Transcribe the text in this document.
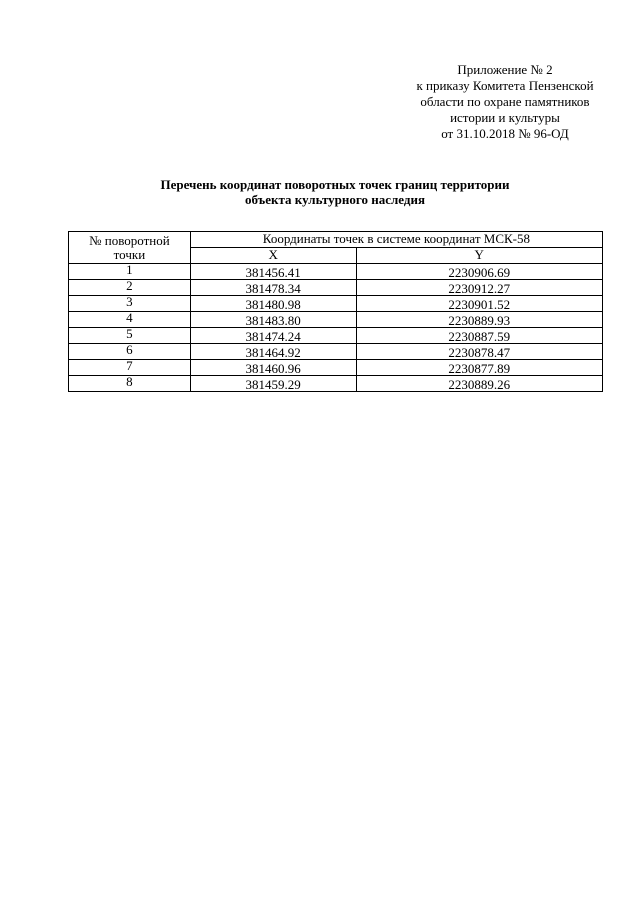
Приложение № 2
к приказу Комитета Пензенской
области по охране памятников
истории и культуры
от 31.10.2018 № 96-ОД
Перечень координат поворотных точек границ территории
объекта культурного наследия
№ поворотной
точки	Координаты точек в системе координат МСК-58	
	X	Y
1	381456.41	2230906.69
2	381478.34	2230912.27
3	381480.98	2230901.52
4	381483.80	2230889.93
5	381474.24	2230887.59
6	381464.92	2230878.47
7	381460.96	2230877.89
8	381459.29	2230889.26
